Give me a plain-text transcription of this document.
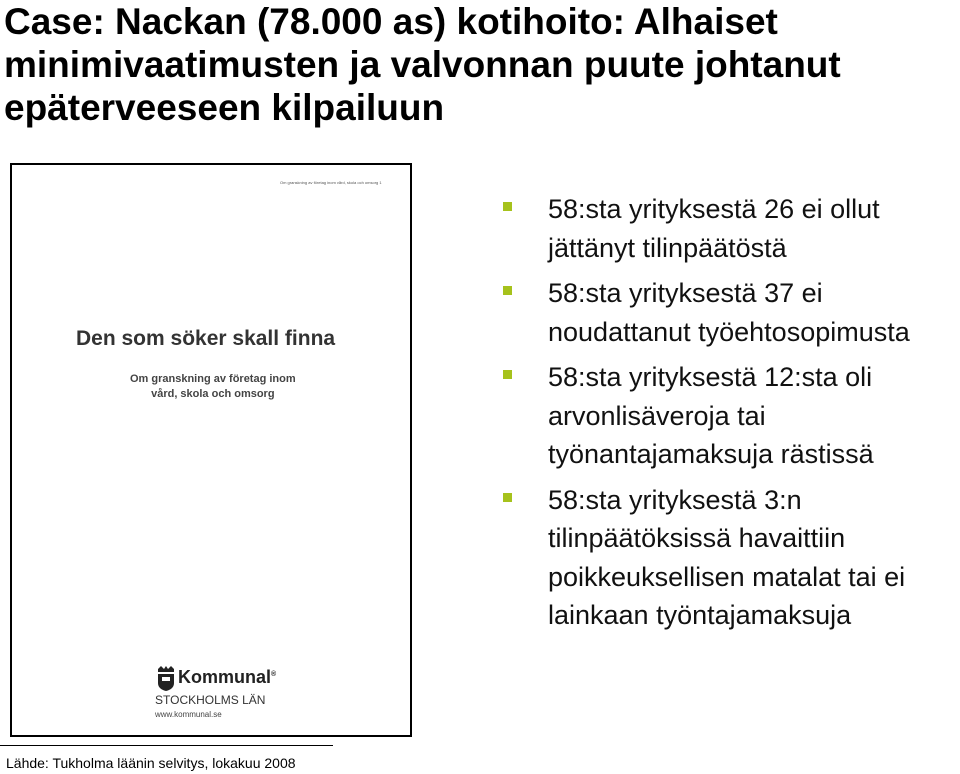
Case: Nackan (78.000 as) kotihoito: Alhaiset
minimivaatimusten ja valvonnan puute johtanut
epäterveeseen kilpailuun
Om granskning av företag inom vård, skola och omsorg 1
Den som söker skall finna
Om granskning av företag inom
vård, skola och omsorg
Kommunal®
STOCKHOLMS LÄN
www.kommunal.se
58:sta yrityksestä 26 ei ollut jättänyt tilinpäätöstä
58:sta yrityksestä 37 ei noudattanut työehtosopimusta
58:sta yrityksestä 12:sta oli arvonlisäveroja tai työnantajamaksuja rästissä
58:sta yrityksestä 3:n tilinpäätöksissä havaittiin poikkeuksellisen matalat tai ei lainkaan työntajamaksuja
Lähde: Tukholma läänin selvitys, lokakuu 2008
